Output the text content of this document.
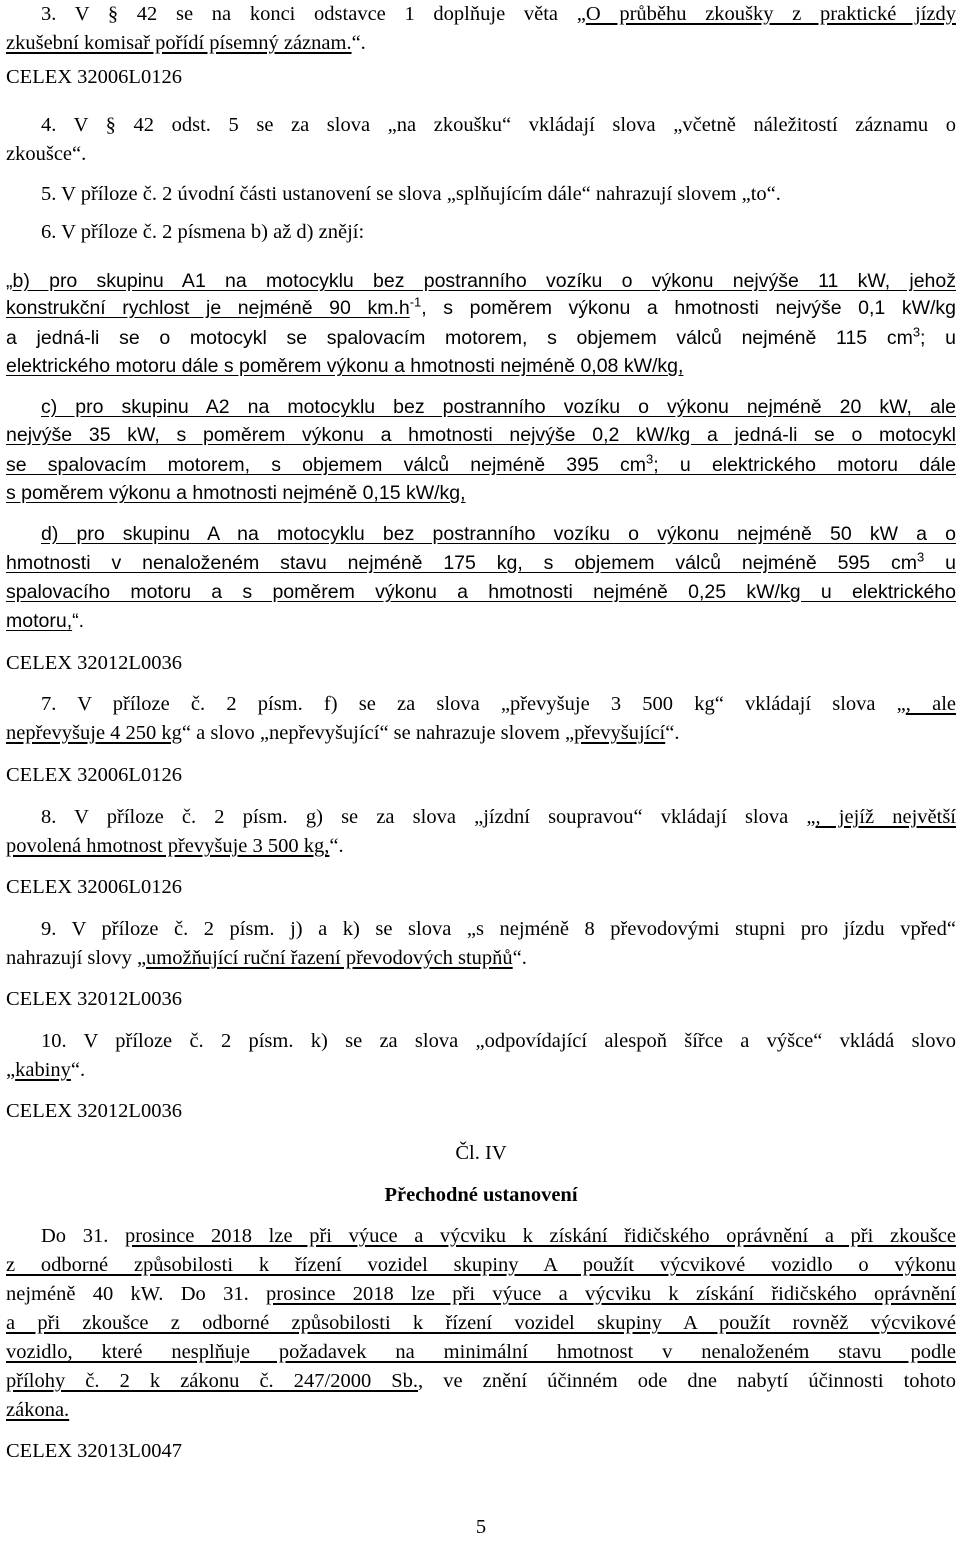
3. V § 42 se na konci odstavce 1 doplňuje věta „O průběhu zkoušky z praktické jízdy
zkušební komisař pořídí písemný záznam.“.
CELEX 32006L0126
4. V § 42 odst. 5 se za slova „na zkoušku“ vkládají slova „včetně náležitostí záznamu o
zkoušce“.
5. V příloze č. 2 úvodní části ustanovení se slova „splňujícím dále“ nahrazují slovem „to“.
6. V příloze č. 2 písmena b) až d) znějí:
„b) pro skupinu A1 na motocyklu bez postranního vozíku o výkonu nejvýše 11 kW, jehož
konstrukční rychlost je nejméně 90 $km.h^{-1}$, s poměrem výkonu a hmotnosti nejvýše 0,1 kW/kg
a jedná-li se o motocykl se spalovacím motorem, s objemem válců nejméně 115 $cm^3$; u
elektrického motoru dále s poměrem výkonu a hmotnosti nejméně 0,08 kW/kg,
c) pro skupinu A2 na motocyklu bez postranního vozíku o výkonu nejméně 20 kW, ale
nejvýše 35 kW, s poměrem výkonu a hmotnosti nejvýše 0,2 kW/kg a jedná-li se o motocykl
se spalovacím motorem, s objemem válců nejméně 395 $cm^3$; u elektrického motoru dále
s poměrem výkonu a hmotnosti nejméně 0,15 kW/kg,
d) pro skupinu A na motocyklu bez postranního vozíku o výkonu nejméně 50 kW a o
hmotnosti v nenaloženém stavu nejméně 175 kg, s objemem válců nejméně 595 $cm^3$ u
spalovacího motoru a s poměrem výkonu a hmotnosti nejméně 0,25 kW/kg u elektrického
motoru,“.
CELEX 32012L0036
7. V příloze č. 2 písm. f) se za slova „převyšuje 3 500 kg“ vkládají slova „, ale
nepřevyšuje 4 250 kg“ a slovo „nepřevyšující“ se nahrazuje slovem „převyšující“.
CELEX 32006L0126
8. V příloze č. 2 písm. g) se za slova „jízdní soupravou“ vkládají slova „, jejíž největší
povolená hmotnost převyšuje 3 500 kg,“.
CELEX 32006L0126
9. V příloze č. 2 písm. j) a k) se slova „s nejméně 8 převodovými stupni pro jízdu vpřed“
nahrazují slovy „umožňující ruční řazení převodových stupňů“.
CELEX 32012L0036
10. V příloze č. 2 písm. k) se za slova „odpovídající alespoň šířce a výšce“ vkládá slovo
„kabiny“.
CELEX 32012L0036
Čl. IV
Přechodné ustanovení
Do 31. prosince 2018 lze při výuce a výcviku k získání řidičského oprávnění a při zkoušce
z odborné způsobilosti k řízení vozidel skupiny A použít výcvikové vozidlo o výkonu
nejméně 40 kW. Do 31. prosince 2018 lze při výuce a výcviku k získání řidičského oprávnění
a při zkoušce z odborné způsobilosti k řízení vozidel skupiny A použít rovněž výcvikové
vozidlo, které nesplňuje požadavek na minimální hmotnost v nenaloženém stavu podle
přílohy č. 2 k zákonu č. 247/2000 Sb., ve znění účinném ode dne nabytí účinnosti tohoto
zákona.
CELEX 32013L0047
5
